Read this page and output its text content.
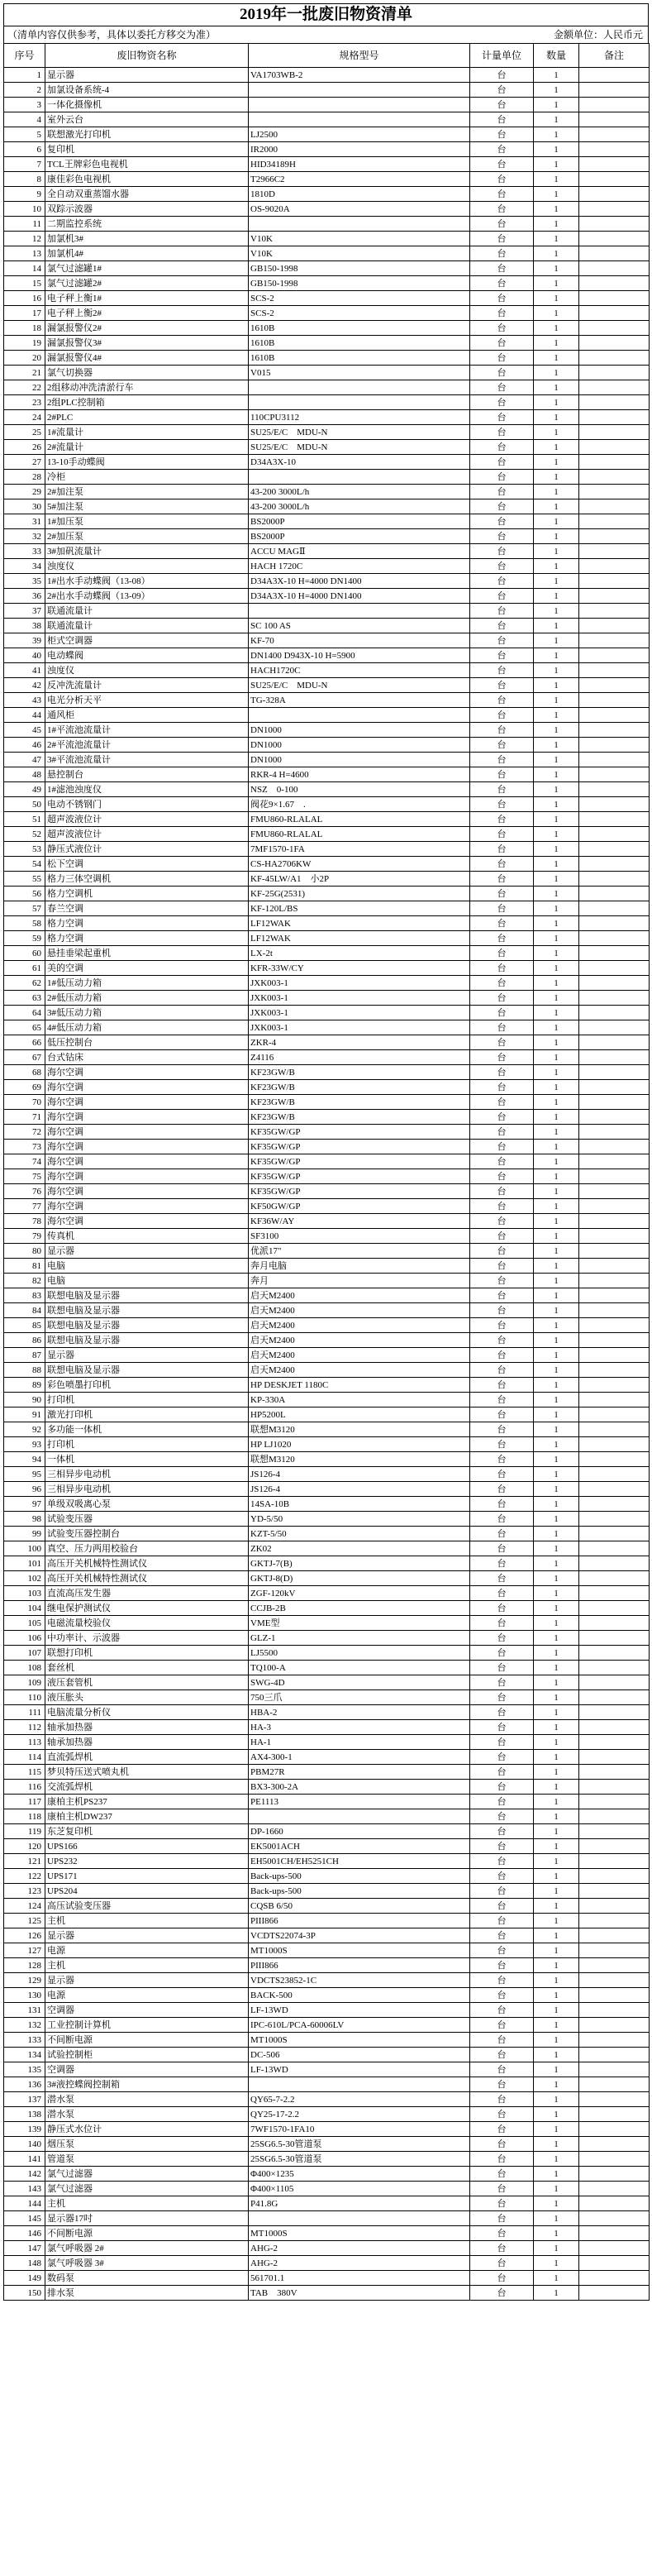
2019年一批废旧物资清单
（清单内容仅供参考，具体以委托方移交为准）	金额单位：人民币元
序号	废旧物资名称	规格型号	计量单位	数量	备注
1	显示器	VA1703WB-2	台	1	
2	加氯设备系统-4		台	1	
3	一体化摄像机		台	1	
4	室外云台		台	1	
5	联想激光打印机	LJ2500	台	1	
6	复印机	IR2000	台	1	
7	TCL王牌彩色电视机	HID34189H	台	1	
8	康佳彩色电视机	T2966C2	台	1	
9	全自动双重蒸馏水器	1810D	台	1	
10	双踪示波器	OS-9020A	台	1	
11	二期监控系统		台	1	
12	加氯机3#	V10K	台	1	
13	加氯机4#	V10K	台	1	
14	氯气过滤罐1#	GB150-1998	台	1	
15	氯气过滤罐2#	GB150-1998	台	1	
16	电子秤上衡1#	SCS-2	台	1	
17	电子秤上衡2#	SCS-2	台	1	
18	漏氯报警仪2#	1610B	台	1	
19	漏氯报警仪3#	1610B	台	1	
20	漏氯报警仪4#	1610B	台	1	
21	氯气切换器	V015	台	1	
22	2组移动冲洗清淤行车		台	1	
23	2组PLC控制箱		台	1	
24	2#PLC	110CPU3112	台	1	
25	1#流量计	SU25/E/C　MDU-N	台	1	
26	2#流量计	SU25/E/C　MDU-N	台	1	
27	13-10手动蝶阀	D34A3X-10	台	1	
28	冷柜		台	1	
29	2#加注泵	43-200 3000L/h	台	1	
30	5#加注泵	43-200 3000L/h	台	1	
31	1#加压泵	BS2000P	台	1	
32	2#加压泵	BS2000P	台	1	
33	3#加矾流量计	ACCU MAGⅡ	台	1	
34	浊度仪	HACH 1720C	台	1	
35	1#出水手动蝶阀（13-08）	D34A3X-10 H=4000 DN1400	台	1	
36	2#出水手动蝶阀（13-09）	D34A3X-10 H=4000 DN1400	台	1	
37	联通流量计		台	1	
38	联通流量计	SC 100 AS	台	1	
39	柜式空调器	KF-70	台	1	
40	电动蝶阀	DN1400 D943X-10 H=5900	台	1	
41	浊度仪	HACH1720C	台	1	
42	反冲洗流量计	SU25/E/C　MDU-N	台	1	
43	电光分析天平	TG-328A	台	1	
44	通风柜		台	1	
45	1#平流池流量计	DN1000	台	1	
46	2#平流池流量计	DN1000	台	1	
47	3#平流池流量计	DN1000	台	1	
48	悬控制台	RKR-4 H=4600	台	1	
49	1#滤池浊度仪	NSZ　0-100	台	1	
50	电动不锈钢门	阀花9×1.67　.	台	1	
51	超声波液位计	FMU860-RLALAL	台	1	
52	超声波液位计	FMU860-RLALAL	台	1	
53	静压式液位计	7MF1570-1FA	台	1	
54	松下空调	CS-HA2706KW	台	1	
55	格力三体空调机	KF-45LW/A1　小2P	台	1	
56	格力空调机	KF-25G(2531)	台	1	
57	春兰空调	KF-120L/BS	台	1	
58	格力空调	LF12WAK	台	1	
59	格力空调	LF12WAK	台	1	
60	悬挂垂梁起重机	LX-2t	台	1	
61	美的空调	KFR-33W/CY	台	1	
62	1#低压动力箱	JXK003-1	台	1	
63	2#低压动力箱	JXK003-1	台	1	
64	3#低压动力箱	JXK003-1	台	1	
65	4#低压动力箱	JXK003-1	台	1	
66	低压控制台	ZKR-4	台	1	
67	台式钻床	Z4116	台	1	
68	海尔空调	KF23GW/B	台	1	
69	海尔空调	KF23GW/B	台	1	
70	海尔空调	KF23GW/B	台	1	
71	海尔空调	KF23GW/B	台	1	
72	海尔空调	KF35GW/GP	台	1	
73	海尔空调	KF35GW/GP	台	1	
74	海尔空调	KF35GW/GP	台	1	
75	海尔空调	KF35GW/GP	台	1	
76	海尔空调	KF35GW/GP	台	1	
77	海尔空调	KF50GW/GP	台	1	
78	海尔空调	KF36W/AY	台	1	
79	传真机	SF3100	台	1	
80	显示器	优派17"	台	1	
81	电脑	奔月电脑	台	1	
82	电脑	奔月	台	1	
83	联想电脑及显示器	启天M2400	台	1	
84	联想电脑及显示器	启天M2400	台	1	
85	联想电脑及显示器	启天M2400	台	1	
86	联想电脑及显示器	启天M2400	台	1	
87	显示器	启天M2400	台	1	
88	联想电脑及显示器	启天M2400	台	1	
89	彩色喷墨打印机	HP DESKJET 1180C	台	1	
90	打印机	KP-330A	台	1	
91	激光打印机	HP5200L	台	1	
92	多功能一体机	联想M3120	台	1	
93	打印机	HP LJ1020	台	1	
94	一体机	联想M3120	台	1	
95	三相异步电动机	JS126-4	台	1	
96	三相异步电动机	JS126-4	台	1	
97	单级双吸离心泵	14SA-10B	台	1	
98	试验变压器	YD-5/50	台	1	
99	试验变压器控制台	KZT-5/50	台	1	
100	真空、压力两用校验台	ZK02	台	1	
101	高压开关机械特性测试仪	GKTJ-7(B)	台	1	
102	高压开关机械特性测试仪	GKTJ-8(D)	台	1	
103	直流高压发生器	ZGF-120kV	台	1	
104	继电保护测试仪	CCJB-2B	台	1	
105	电磁流量校验仪	VME型	台	1	
106	中功率计、示波器	GLZ-1	台	1	
107	联想打印机	LJ5500	台	1	
108	套丝机	TQ100-A	台	1	
109	液压套管机	SWG-4D	台	1	
110	液压胀头	750三爪	台	1	
111	电脑流量分析仪	HBA-2	台	1	
112	轴承加热器	HA-3	台	1	
113	轴承加热器	HA-1	台	1	
114	直流弧焊机	AX4-300-1	台	1	
115	梦贝特压送式喷丸机	PBM27R	台	1	
116	交流弧焊机	BX3-300-2A	台	1	
117	康柏主机PS237	PE1113	台	1	
118	康柏主机DW237		台	1	
119	东芝复印机	DP-1660	台	1	
120	UPS166	EK5001ACH	台	1	
121	UPS232	EH5001CH/EH5251CH	台	1	
122	UPS171	Back-ups-500	台	1	
123	UPS204	Back-ups-500	台	1	
124	高压试验变压器	CQSB 6/50	台	1	
125	主机	PIII866	台	1	
126	显示器	VCDTS22074-3P	台	1	
127	电源	MT1000S	台	1	
128	主机	PIII866	台	1	
129	显示器	VDCTS23852-1C	台	1	
130	电源	BACK-500	台	1	
131	空调器	LF-13WD	台	1	
132	工业控制计算机	IPC-610L/PCA-60006LV	台	1	
133	不间断电源	MT1000S	台	1	
134	试验控制柜	DC-506	台	1	
135	空调器	LF-13WD	台	1	
136	3#液控蝶阀控制箱		台	1	
137	潜水泵	QY65-7-2.2	台	1	
138	潜水泵	QY25-17-2.2	台	1	
139	静压式水位计	7WF1570-1FA10	台	1	
140	烟压泵	25SG6.5-30管道泵	台	1	
141	管道泵	25SG6.5-30管道泵	台	1	
142	氯气过滤器	Φ400×1235	台	1	
143	氯气过滤器	Φ400×1105	台	1	
144	主机	P41.8G	台	1	
145	显示器17吋		台	1	
146	不间断电源	MT1000S	台	1	
147	氯气呼吸器 2#	AHG-2	台	1	
148	氯气呼吸器 3#	AHG-2	台	1	
149	数码泵	561701.1	台	1	
150	排水泵	TAB　380V	台	1	
